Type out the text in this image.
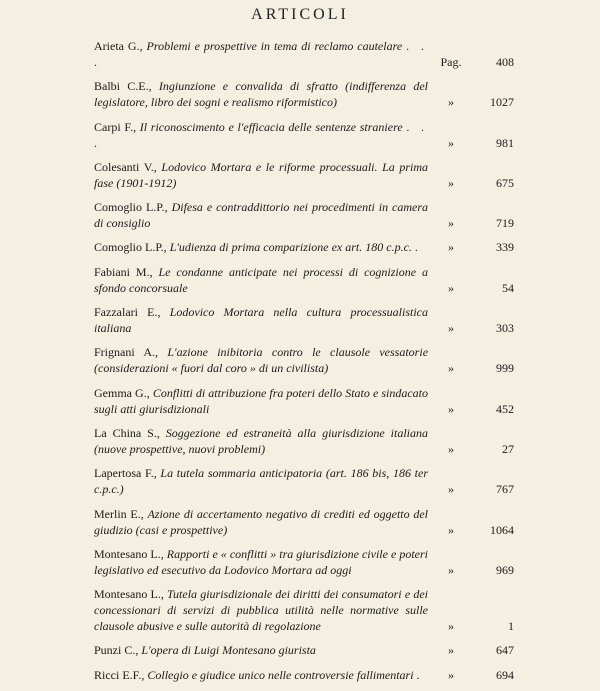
ARTICOLI
Arieta G., Problemi e prospettive in tema di reclamo cautelare . . .	Pag.	408
Balbi C.E., Ingiunzione e convalida di sfratto (indifferenza del legislatore, libro dei sogni e realismo riformistico)	»	1027
Carpi F., Il riconoscimento e l'efficacia delle sentenze straniere . . .	»	981
Colesanti V., Lodovico Mortara e le riforme processuali. La prima fase (1901-1912)	»	675
Comoglio L.P., Difesa e contraddittorio nei procedimenti in camera di consiglio	»	719
Comoglio L.P., L'udienza di prima comparizione ex art. 180 c.p.c. .	»	339
Fabiani M., Le condanne anticipate nei processi di cognizione a sfondo concorsuale	»	54
Fazzalari E., Lodovico Mortara nella cultura processualistica italiana	»	303
Frignani A., L'azione inibitoria contro le clausole vessatorie (considerazioni « fuori dal coro » di un civilista)	»	999
Gemma G., Conflitti di attribuzione fra poteri dello Stato e sindacato sugli atti giurisdizionali	»	452
La China S., Soggezione ed estraneità alla giurisdizione italiana (nuove prospettive, nuovi problemi)	»	27
Lapertosa F., La tutela sommaria anticipatoria (art. 186 bis, 186 ter c.p.c.)	»	767
Merlin E., Azione di accertamento negativo di crediti ed oggetto del giudizio (casi e prospettive)	»	1064
Montesano L., Rapporti e « conflitti » tra giurisdizione civile e poteri legislativo ed esecutivo da Lodovico Mortara ad oggi	»	969
Montesano L., Tutela giurisdizionale dei diritti dei consumatori e dei concessionari di servizi di pubblica utilità nelle normative sulle clausole abusive e sulle autorità di regolazione	»	1
Punzi C., L'opera di Luigi Montesano giurista	»	647
Ricci E.F., Collegio e giudice unico nelle controversie fallimentari .	»	694
